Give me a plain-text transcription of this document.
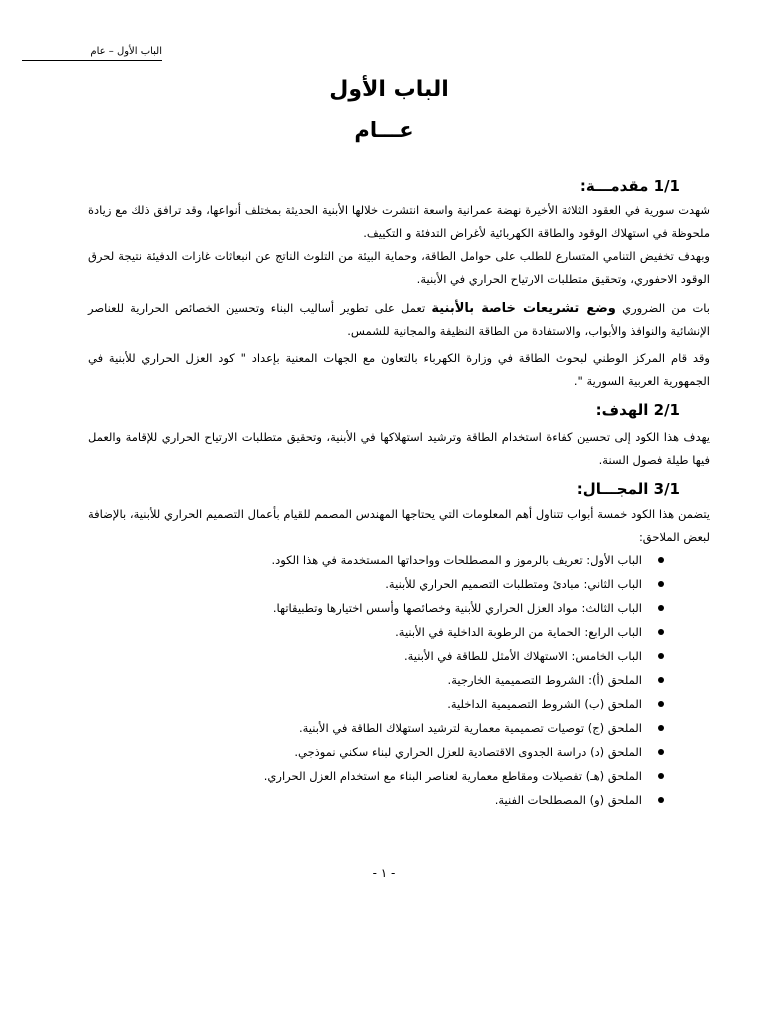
الباب الأول – عام
الباب الأول
عـــام
1/1 مقدمـــة:
شهدت سورية في العقود الثلاثة الأخيرة نهضة عمرانية واسعة انتشرت خلالها الأبنية الحديثة بمختلف أنواعها، وقد ترافق ذلك مع زيادة ملحوظة في استهلاك الوقود والطاقة الكهربائية لأغراض التدفئة و التكييف.
وبهدف تخفيض التنامي المتسارع للطلب على حوامل الطاقة، وحماية البيئة من التلوث الناتج عن انبعاثات غازات الدفيئة نتيجة لحرق الوقود الاحفوري، وتحقيق متطلبات الارتياح الحراري في الأبنية.
بات من الضروري وضع تشريعات خاصة بالأبنية تعمل على تطوير أساليب البناء وتحسين الخصائص الحرارية للعناصر الإنشائية والنوافذ والأبواب، والاستفادة من الطاقة النظيفة والمجانية للشمس.
وقد قام المركز الوطني لبحوث الطاقة في وزارة الكهرباء بالتعاون مع الجهات المعنية بإعداد " كود العزل الحراري للأبنية في الجمهورية العربية السورية ".
2/1 الهدف:
يهدف هذا الكود إلى تحسين كفاءة استخدام الطاقة وترشيد استهلاكها في الأبنية، وتحقيق متطلبات الارتياح الحراري للإقامة والعمل فيها طيلة فصول السنة.
3/1 المجـــال:
يتضمن هذا الكود خمسة أبواب تتناول أهم المعلومات التي يحتاجها المهندس المصمم للقيام بأعمال التصميم الحراري للأبنية، بالإضافة لبعض الملاحق:
الباب الأول: تعريف بالرموز و المصطلحات وواحداتها المستخدمة في هذا الكود.
الباب الثاني: مبادئ ومتطلبات التصميم الحراري للأبنية.
الباب الثالث: مواد العزل الحراري للأبنية وخصائصها وأسس اختيارها وتطبيقاتها.
الباب الرابع: الحماية من الرطوبة الداخلية في الأبنية.
الباب الخامس: الاستهلاك الأمثل للطاقة في الأبنية.
الملحق (أ): الشروط التصميمية الخارجية.
الملحق (ب) الشروط التصميمية الداخلية.
الملحق (ج) توصيات تصميمية معمارية لترشيد استهلاك الطاقة في الأبنية.
الملحق (د) دراسة الجدوى الاقتصادية للعزل الحراري لبناء سكني نموذجي.
الملحق (هـ) تفصيلات ومقاطع معمارية لعناصر البناء مع استخدام العزل الحراري.
الملحق (و) المصطلحات الفنية.
- ١ -
